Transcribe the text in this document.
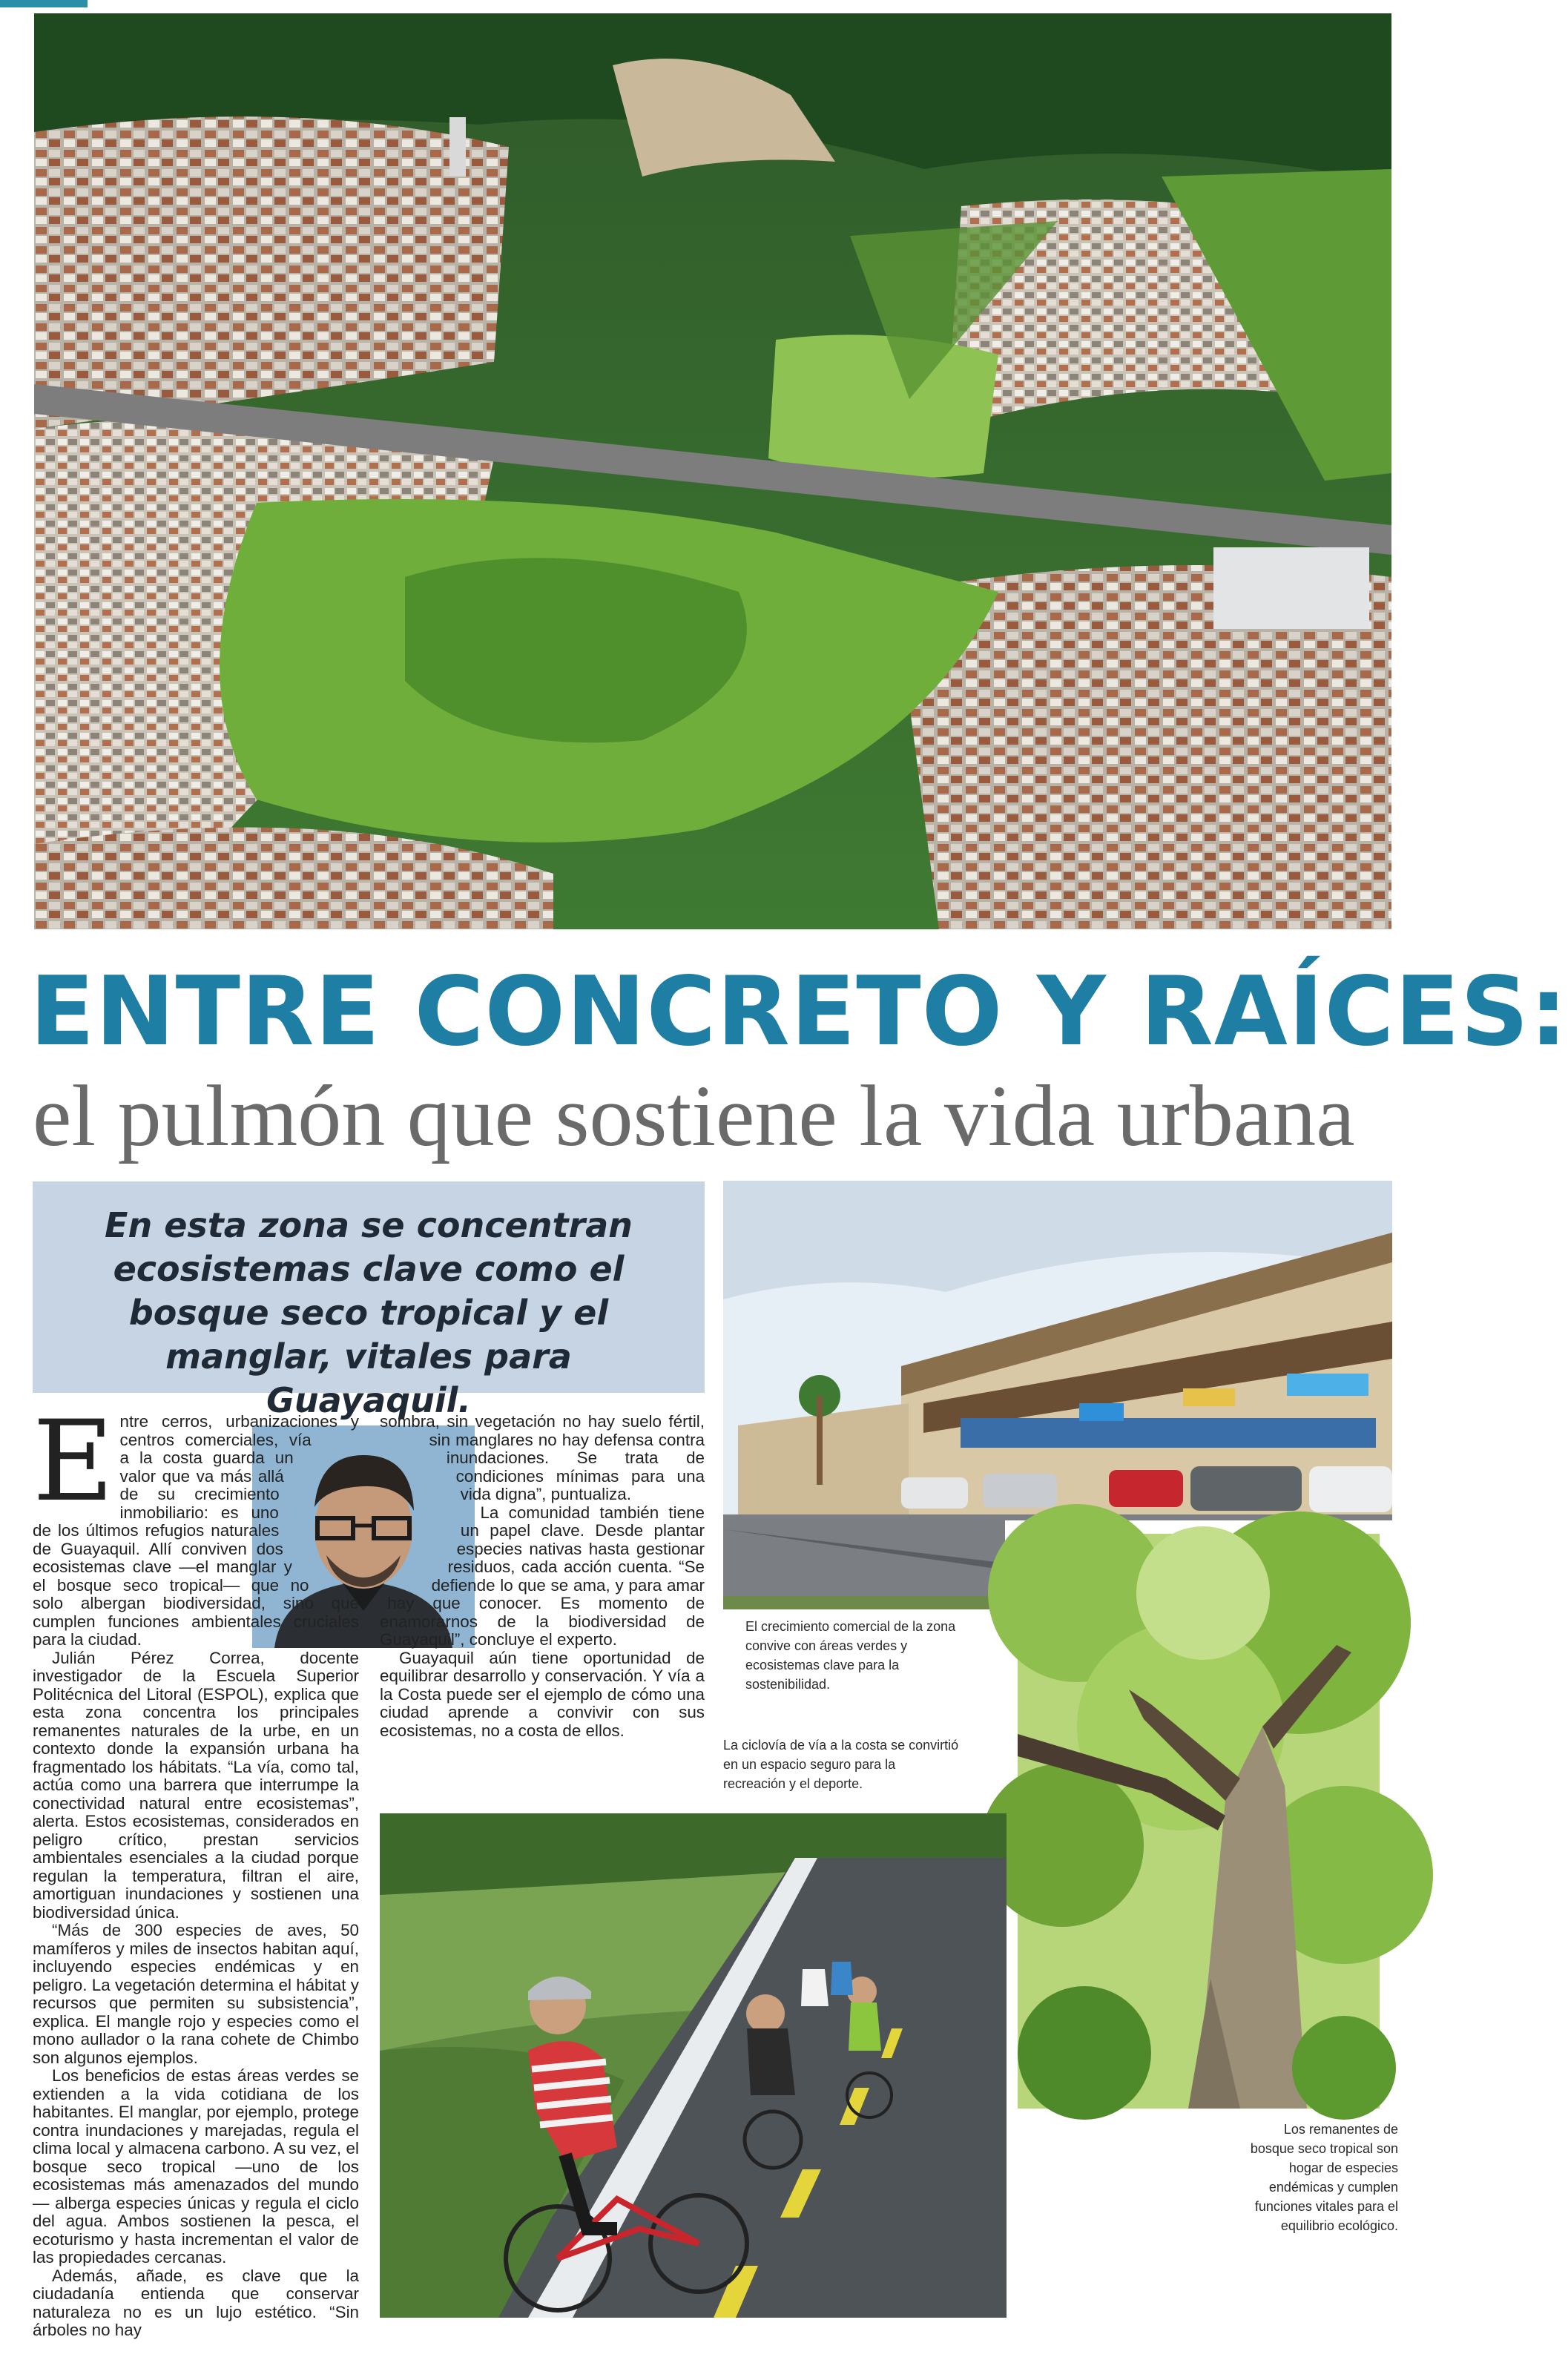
ENTRE CONCRETO Y RAÍCES:
el pulmón que sostiene la vida urbana

En esta zona se concentran ecosistemas clave como el bosque seco tropical y el manglar, vitales para Guayaquil.

El crecimiento comercial de la zona convive con áreas verdes y ecosistemas clave para la sostenibilidad.

La ciclovía de vía a la costa se convirtió en un espacio seguro para la recreación y el deporte.

Los remanentes de bosque seco tropical son hogar de especies endémicas y cumplen funciones vitales para el equilibrio ecológico.

Entre cerros, urbanizaciones y centros comerciales, vía a la costa guarda un valor que va más allá de su crecimiento inmobiliario: es uno de los últimos refugios naturales de Guayaquil. Allí conviven dos ecosistemas clave —el manglar y el bosque seco tropical— que no solo albergan biodiversidad, sino que cumplen funciones ambientales cruciales para la ciudad.

Julián Pérez Correa, docente investigador de la Escuela Superior Politécnica del Litoral (ESPOL), explica que esta zona concentra los principales remanentes naturales de la urbe, en un contexto donde la expansión urbana ha fragmentado los hábitats. “La vía, como tal, actúa como una barrera que interrumpe la conectividad natural entre ecosistemas”, alerta. Estos ecosistemas, considerados en peligro crítico, prestan servicios ambientales esenciales a la ciudad porque regulan la temperatura, filtran el aire, amortiguan inundaciones y sostienen una biodiversidad única.

“Más de 300 especies de aves, 50 mamíferos y miles de insectos habitan aquí, incluyendo especies endémicas y en peligro. La vegetación determina el hábitat y recursos que permiten su subsistencia”, explica. El mangle rojo y especies como el mono aullador o la rana cohete de Chimbo son algunos ejemplos.

Los beneficios de estas áreas verdes se extienden a la vida cotidiana de los habitantes. El manglar, por ejemplo, protege contra inundaciones y marejadas, regula el clima local y almacena carbono. A su vez, el bosque seco tropical —uno de los ecosistemas más amenazados del mundo— alberga especies únicas y regula el ciclo del agua. Ambos sostienen la pesca, el ecoturismo y hasta incrementan el valor de las propiedades cercanas.

Además, añade, es clave que la ciudadanía entienda que conservar naturaleza no es un lujo estético. “Sin árboles no hay

sombra, sin vegetación no hay suelo fértil, sin manglares no hay defensa contra inundaciones. Se trata de condiciones mínimas para una vida digna”, puntualiza.

La comunidad también tiene un papel clave. Desde plantar especies nativas hasta gestionar residuos, cada acción cuenta. “Se defiende lo que se ama, y para amar hay que conocer. Es momento de enamorarnos de la biodiversidad de Guayaquil”, concluye el experto.

Guayaquil aún tiene oportunidad de equilibrar desarrollo y conservación. Y vía a la Costa puede ser el ejemplo de cómo una ciudad aprende a convivir con sus ecosistemas, no a costa de ellos.
